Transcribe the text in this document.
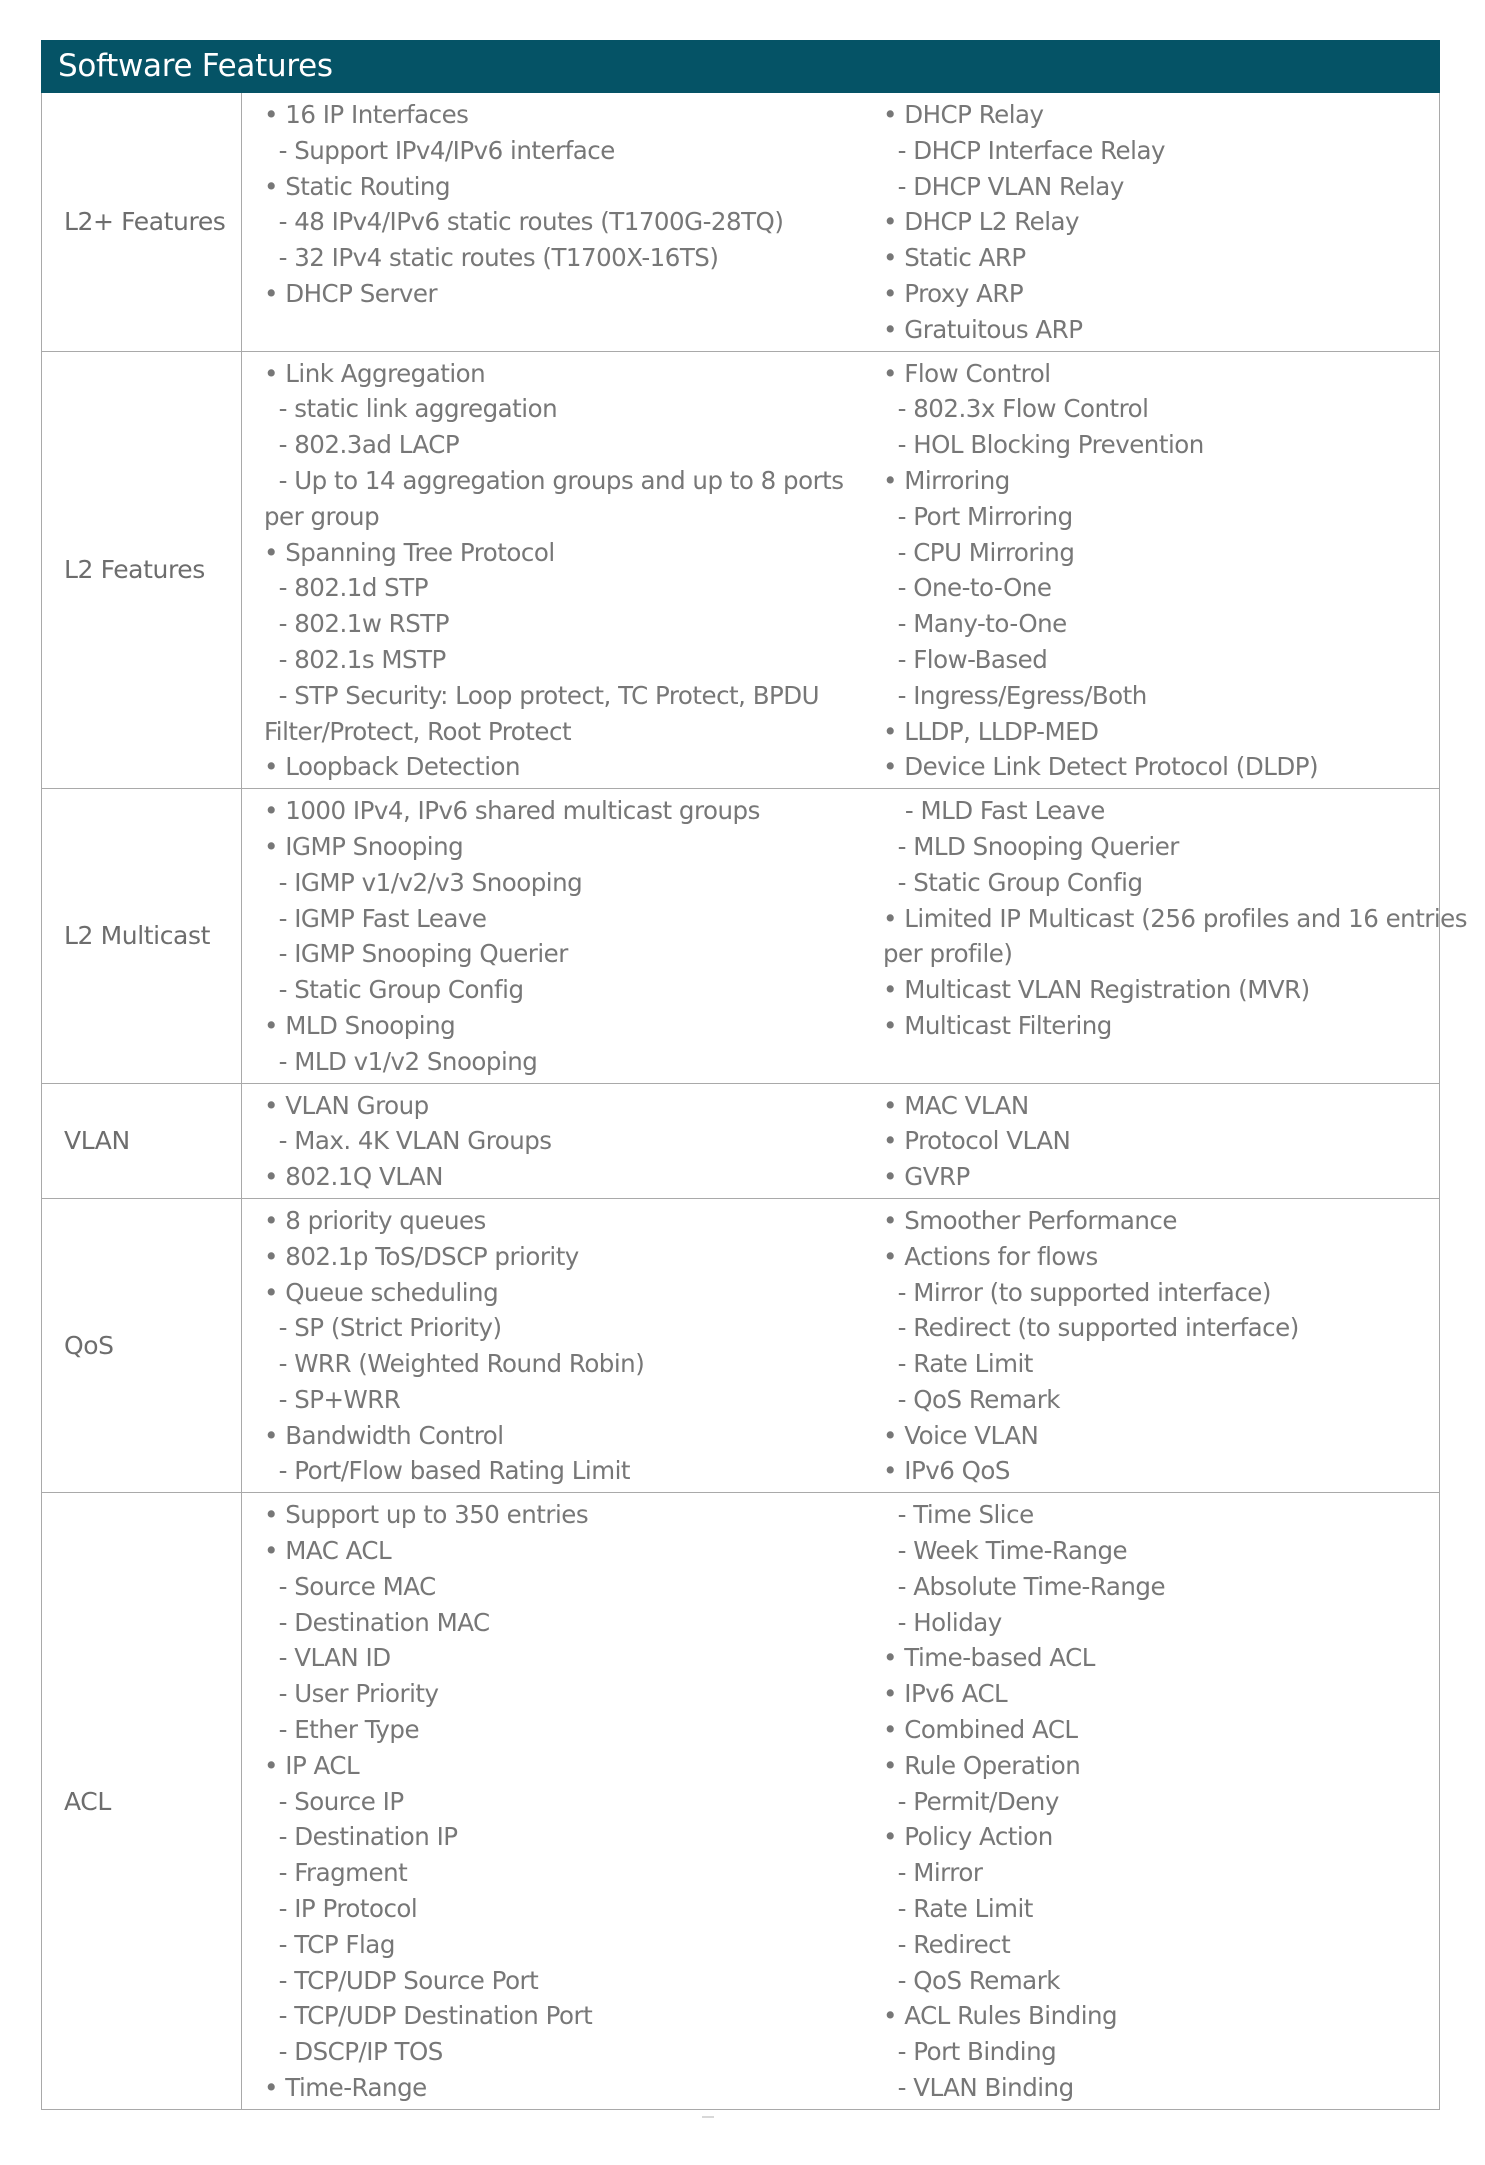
Software Features
L2+ Features
• 16 IP Interfaces
- Support IPv4/IPv6 interface
• Static Routing
- 48 IPv4/IPv6 static routes (T1700G-28TQ)
- 32 IPv4 static routes (T1700X-16TS)
• DHCP Server
• DHCP Relay
- DHCP Interface Relay
- DHCP VLAN Relay
• DHCP L2 Relay
• Static ARP
• Proxy ARP
• Gratuitous ARP
L2 Features
• Link Aggregation
- static link aggregation
- 802.3ad LACP
- Up to 14 aggregation groups and up to 8 ports
per group
• Spanning Tree Protocol
- 802.1d STP
- 802.1w RSTP
- 802.1s MSTP
- STP Security: Loop protect, TC Protect, BPDU
Filter/Protect, Root Protect
• Loopback Detection
• Flow Control
- 802.3x Flow Control
- HOL Blocking Prevention
• Mirroring
- Port Mirroring
- CPU Mirroring
- One-to-One
- Many-to-One
- Flow-Based
- Ingress/Egress/Both
• LLDP, LLDP-MED
• Device Link Detect Protocol (DLDP)
L2 Multicast
• 1000 IPv4, IPv6 shared multicast groups
• IGMP Snooping
- IGMP v1/v2/v3 Snooping
- IGMP Fast Leave
- IGMP Snooping Querier
- Static Group Config
• MLD Snooping
- MLD v1/v2 Snooping
- MLD Fast Leave
- MLD Snooping Querier
- Static Group Config
• Limited IP Multicast (256 profiles and 16 entries
per profile)
• Multicast VLAN Registration (MVR)
• Multicast Filtering
VLAN
• VLAN Group
- Max. 4K VLAN Groups
• 802.1Q VLAN
• MAC VLAN
• Protocol VLAN
• GVRP
QoS
• 8 priority queues
• 802.1p ToS/DSCP priority
• Queue scheduling
- SP (Strict Priority)
- WRR (Weighted Round Robin)
- SP+WRR
• Bandwidth Control
- Port/Flow based Rating Limit
• Smoother Performance
• Actions for flows
- Mirror (to supported interface)
- Redirect (to supported interface)
- Rate Limit
- QoS Remark
• Voice VLAN
• IPv6 QoS
ACL
• Support up to 350 entries
• MAC ACL
- Source MAC
- Destination MAC
- VLAN ID
- User Priority
- Ether Type
• IP ACL
- Source IP
- Destination IP
- Fragment
- IP Protocol
- TCP Flag
- TCP/UDP Source Port
- TCP/UDP Destination Port
- DSCP/IP TOS
• Time-Range
- Time Slice
- Week Time-Range
- Absolute Time-Range
- Holiday
• Time-based ACL
• IPv6 ACL
• Combined ACL
• Rule Operation
- Permit/Deny
• Policy Action
- Mirror
- Rate Limit
- Redirect
- QoS Remark
• ACL Rules Binding
- Port Binding
- VLAN Binding
